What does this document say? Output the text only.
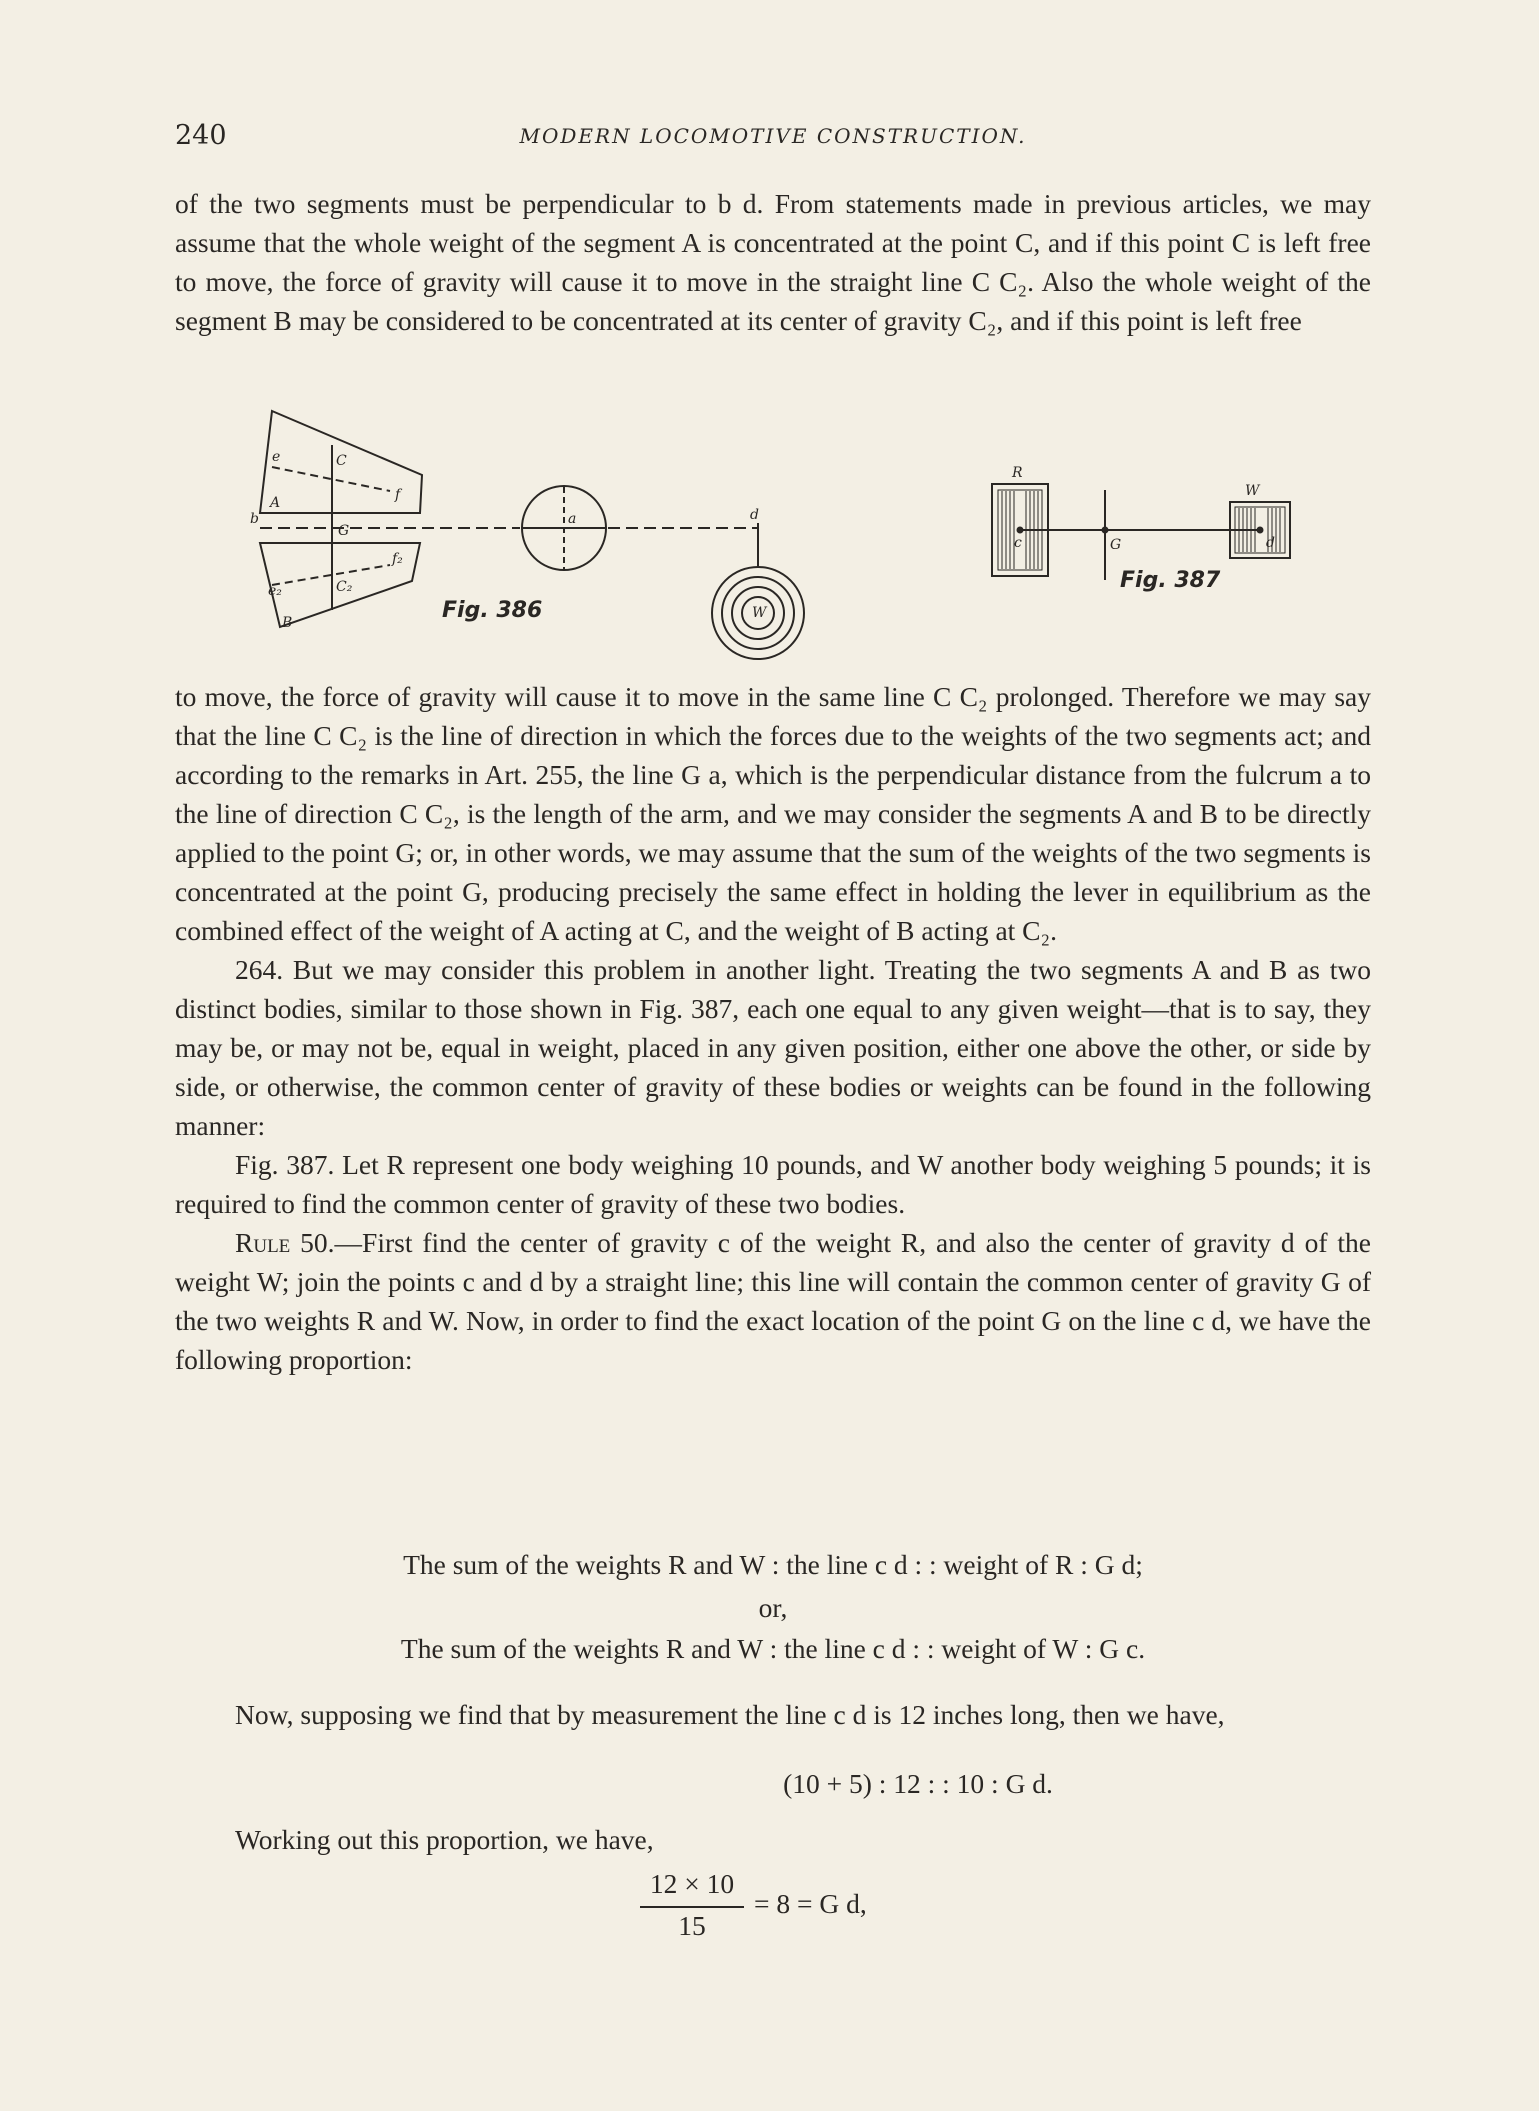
240	MODERN LOCOMOTIVE CONSTRUCTION.

of the two segments must be perpendicular to b d. From statements made in previous articles, we may assume that the whole weight of the segment A is concentrated at the point C, and if this point C is left free to move, the force of gravity will cause it to move in the straight line C C₂. Also the whole weight of the segment B may be considered to be concentrated at its center of gravity C₂, and if this point is left free

e	C
f
A
b
G
f₂
e₂	C₂
B
a	d
W
R
W
c	G	d
Fig. 386
Fig. 387

to move, the force of gravity will cause it to move in the same line C C₂ prolonged. Therefore we may say that the line C C₂ is the line of direction in which the forces due to the weights of the two segments act; and according to the remarks in Art. 255, the line G a, which is the perpendicular distance from the fulcrum a to the line of direction C C₂, is the length of the arm, and we may consider the segments A and B to be directly applied to the point G; or, in other words, we may assume that the sum of the weights of the two segments is concentrated at the point G, producing precisely the same effect in holding the lever in equilibrium as the combined effect of the weight of A acting at C, and the weight of B acting at C₂.

264. But we may consider this problem in another light. Treating the two segments A and B as two distinct bodies, similar to those shown in Fig. 387, each one equal to any given weight—that is to say, they may be, or may not be, equal in weight, placed in any given position, either one above the other, or side by side, or otherwise, the common center of gravity of these bodies or weights can be found in the following manner:

Fig. 387. Let R represent one body weighing 10 pounds, and W another body weighing 5 pounds; it is required to find the common center of gravity of these two bodies.

Rule 50.—First find the center of gravity c of the weight R, and also the center of gravity d of the weight W; join the points c and d by a straight line; this line will contain the common center of gravity G of the two weights R and W. Now, in order to find the exact location of the point G on the line c d, we have the following proportion:

The sum of the weights R and W : the line c d : : weight of R : G d;
or,
The sum of the weights R and W : the line c d : : weight of W : G c.

Now, supposing we find that by measurement the line c d is 12 inches long, then we have,

(10 + 5) : 12 : : 10 : G d.

Working out this proportion, we have,

12 × 10
15
= 8 = G d,
